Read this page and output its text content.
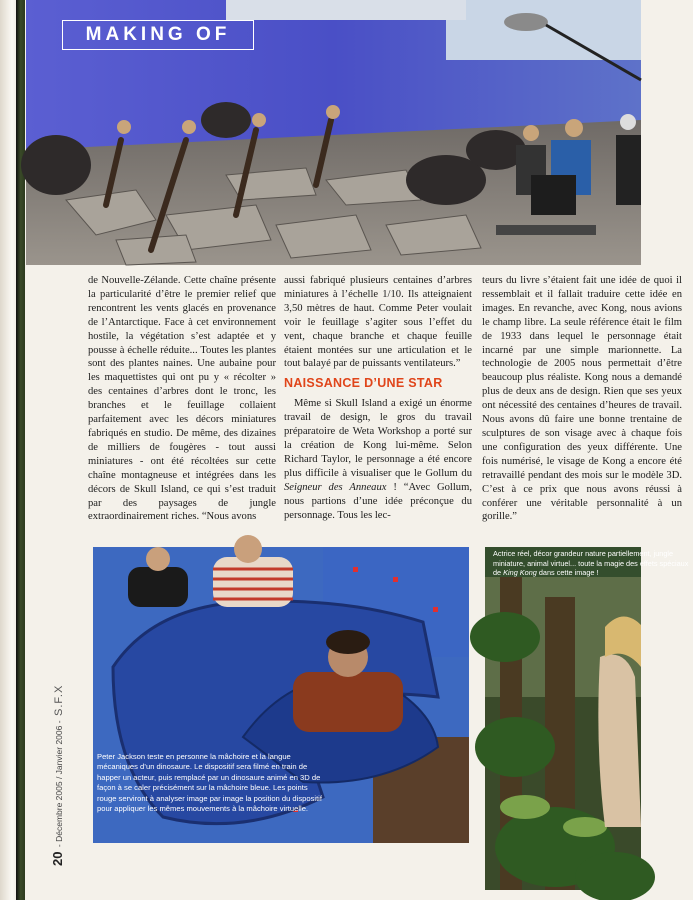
MAKING OF

de Nouvelle-Zélande. Cette chaîne présente la particularité d’être le premier relief que rencontrent les vents glacés en provenance de l’Antarctique. Face à cet environnement hostile, la végétation s’est adaptée et y pousse à échelle réduite... Toutes les plantes sont des plantes naines. Une aubaine pour les maquettistes qui ont pu y « récolter » des centaines d’arbres dont le tronc, les branches et le feuillage collaient parfaitement avec les décors miniatures fabriqués en studio. De même, des dizaines de milliers de fougères - tout aussi miniatures - ont été récoltées sur cette chaîne montagneuse et intégrées dans les décors de Skull Island, ce qui s’est traduit par des paysages de jungle extraordinairement riches. “Nous avons

aussi fabriqué plusieurs centaines d’arbres miniatures à l’échelle 1/10. Ils atteignaient 3,50 mètres de haut. Comme Peter voulait voir le feuillage s’agiter sous l’effet du vent, chaque branche et chaque feuille étaient montées sur une articulation et le tout balayé par de puissants ventilateurs.”

NAISSANCE D’UNE STAR

Même si Skull Island a exigé un énorme travail de design, le gros du travail préparatoire de Weta Workshop a porté sur la création de Kong lui-même. Selon Richard Taylor, le personnage a été encore plus difficile à visualiser que le Gollum du Seigneur des Anneaux ! “Avec Gollum, nous partions d’une idée préconçue du personnage. Tous les lec-

teurs du livre s’étaient fait une idée de quoi il ressemblait et il fallait traduire cette idée en images. En revanche, avec Kong, nous avions le champ libre. La seule référence était le film de 1933 dans lequel le personnage était incarné par une simple marionnette. La technologie de 2005 nous permettait d’être beaucoup plus réaliste. Kong nous a demandé plus de deux ans de design. Rien que ses yeux ont nécessité des centaines d’heures de travail. Nous avons dû faire une bonne trentaine de sculptures de son visage avec à chaque fois une configuration des yeux différente. Une fois numérisé, le visage de Kong a encore été retravaillé pendant des mois sur le modèle 3D. C’est à ce prix que nous avons réussi à conférer une véritable personnalité à un gorille.”

Peter Jackson teste en personne la mâchoire et la langue mécaniques d’un dinosaure. Le dispositif sera filmé en train de happer un acteur, puis remplacé par un dinosaure animé en 3D de façon à se caler précisément sur la mâchoire bleue. Les points rouge serviront à analyser image par image la position du dispositif pour appliquer les mêmes mouvements à la mâchoire virtuelle.
Actrice réel, décor grandeur nature partiellement, jungle miniature, animal virtuel... toute la magie des effets spéciaux de King Kong dans cette image !
20 - Décembre 2005 / Janvier 2006 - S.F.X
